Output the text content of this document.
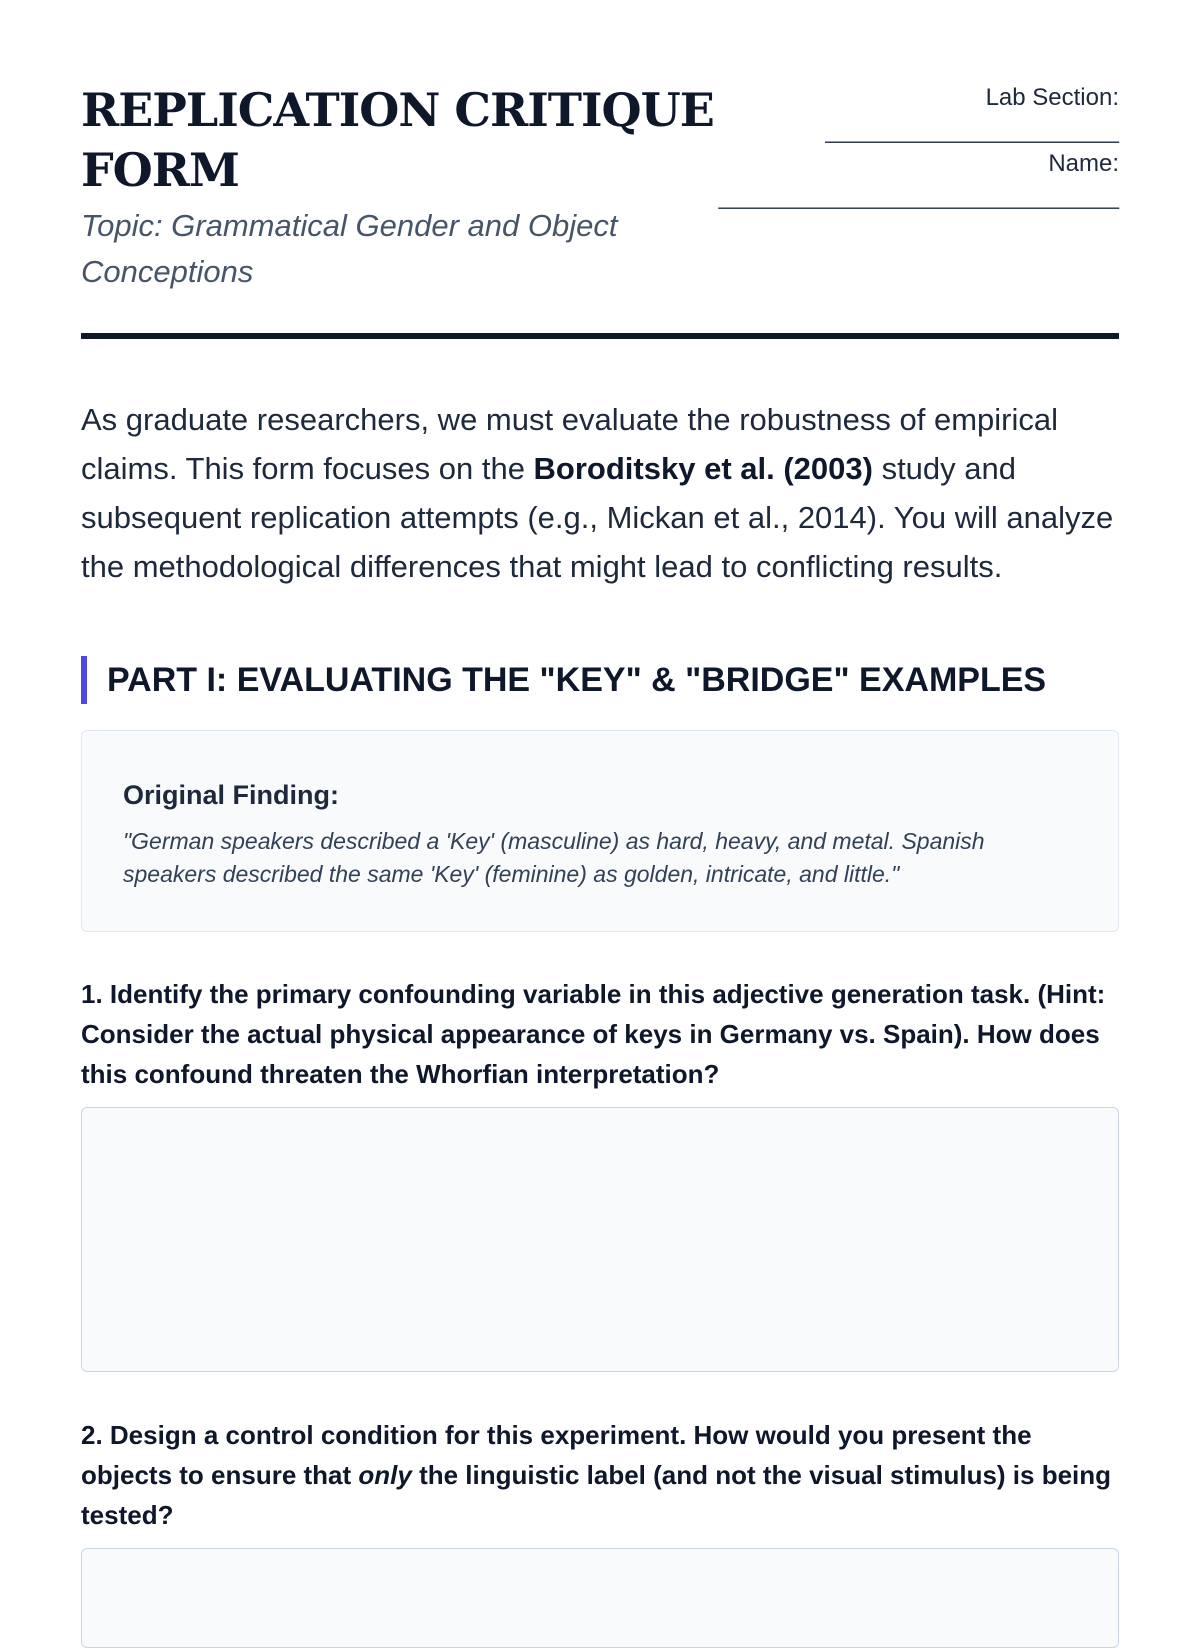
REPLICATION CRITIQUE FORM

Topic: Grammatical Gender and Object Conceptions

Lab Section:
______________________
Name:
______________________________

As graduate researchers, we must evaluate the robustness of empirical claims. This form focuses on the Boroditsky et al. (2003) study and subsequent replication attempts (e.g., Mickan et al., 2014). You will analyze the methodological differences that might lead to conflicting results.

PART I: EVALUATING THE "KEY" & "BRIDGE" EXAMPLES
Original Finding:
"German speakers described a 'Key' (masculine) as hard, heavy, and metal. Spanish speakers described the same 'Key' (feminine) as golden, intricate, and little."

1. Identify the primary confounding variable in this adjective generation task. (Hint: Consider the actual physical appearance of keys in Germany vs. Spain). How does this confound threaten the Whorfian interpretation?

2. Design a control condition for this experiment. How would you present the objects to ensure that only the linguistic label (and not the visual stimulus) is being tested?
